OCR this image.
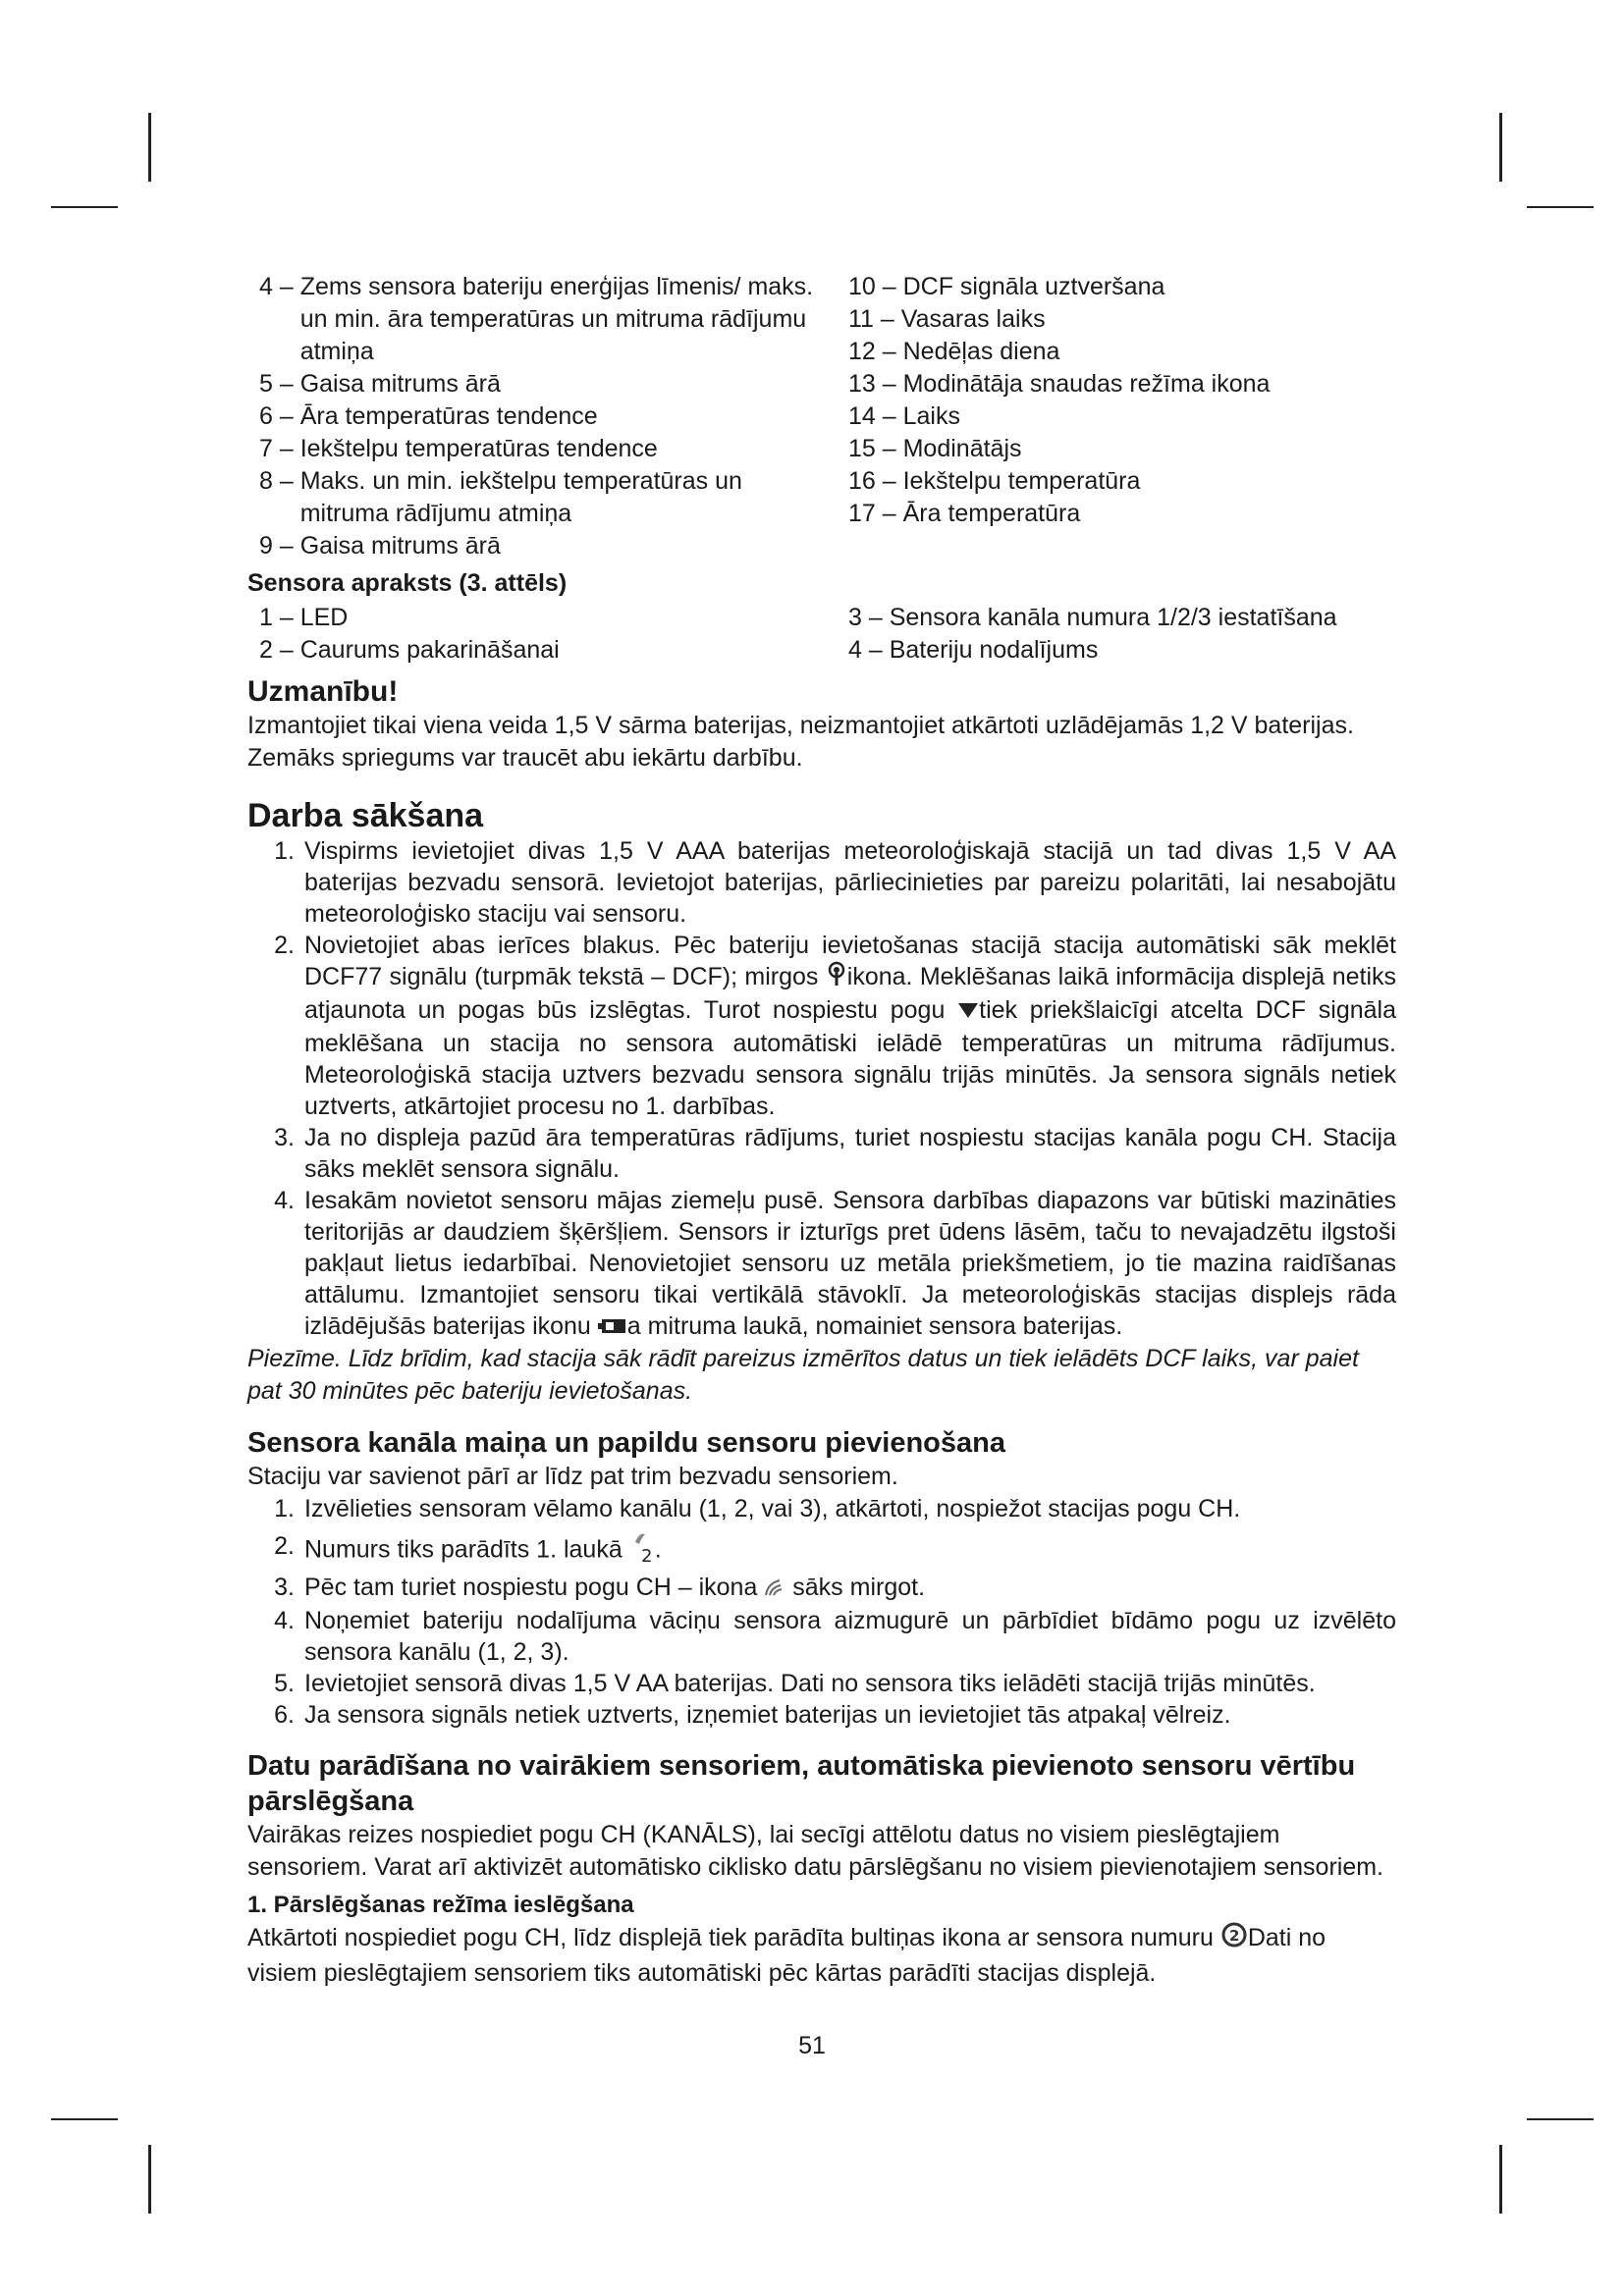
4 – Zems sensora bateriju enerģijas līmenis/ maks. un min. āra temperatūras un mitruma rādījumu atmiņa
5 – Gaisa mitrums ārā
6 – Āra temperatūras tendence
7 – Iekštelpu temperatūras tendence
8 – Maks. un min. iekštelpu temperatūras un mitruma rādījumu atmiņa
9 – Gaisa mitrums ārā
10 – DCF signāla uztveršana
11 – Vasaras laiks
12 – Nedēļas diena
13 – Modinātāja snaudas režīma ikona
14 – Laiks
15 – Modinātājs
16 – Iekštelpu temperatūra
17 – Āra temperatūra
Sensora apraksts (3. attēls)
1 – LED
2 – Caurums pakarināšanai
3 – Sensora kanāla numura 1/2/3 iestatīšana
4 – Bateriju nodalījums
Uzmanību!

Izmantojiet tikai viena veida 1,5 V sārma baterijas, neizmantojiet atkārtoti uzlādējamās 1,2 V baterijas. Zemāks spriegums var traucēt abu iekārtu darbību.

Darba sākšana
1. Vispirms ievietojiet divas 1,5 V AAA baterijas meteoroloģiskajā stacijā un tad divas 1,5 V AA baterijas bezvadu sensorā. Ievietojot baterijas, pārliecinieties par pareizu polaritāti, lai nesabojātu meteoroloģisko staciju vai sensoru.
2. Novietojiet abas ierīces blakus. Pēc bateriju ievietošanas stacijā stacija automātiski sāk meklēt DCF77 signālu (turpmāk tekstā – DCF); mirgos ikona. Meklēšanas laikā informācija displejā netiks atjaunota un pogas būs izslēgtas. Turot nospiestu pogu tiek priekšlaicīgi atcelta DCF signāla meklēšana un stacija no sensora automātiski ielādē temperatūras un mitruma rādījumus. Meteoroloģiskā stacija uztvers bezvadu sensora signālu trijās minūtēs. Ja sensora signāls netiek uztverts, atkārtojiet procesu no 1. darbības.
3. Ja no displeja pazūd āra temperatūras rādījums, turiet nospiestu stacijas kanāla pogu CH. Stacija sāks meklēt sensora signālu.
4. Iesakām novietot sensoru mājas ziemeļu pusē. Sensora darbības diapazons var būtiski mazināties teritorijās ar daudziem šķēršļiem. Sensors ir izturīgs pret ūdens lāsēm, taču to nevajadzētu ilgstoši pakļaut lietus iedarbībai. Nenovietojiet sensoru uz metāla priekšmetiem, jo tie mazina raidīšanas attālumu. Izmantojiet sensoru tikai vertikālā stāvoklī. Ja meteoroloģiskās stacijas displejs rāda izlādējušās baterijas ikonu a mitruma laukā, nomainiet sensora baterijas.
Piezīme. Līdz brīdim, kad stacija sāk rādīt pareizus izmērītos datus un tiek ielādēts DCF laiks, var paiet pat 30 minūtes pēc bateriju ievietošanas.
Sensora kanāla maiņa un papildu sensoru pievienošana

Staciju var savienot pārī ar līdz pat trim bezvadu sensoriem.

1. Izvēlieties sensoram vēlamo kanālu (1, 2, vai 3), atkārtoti, nospiežot stacijas pogu CH.
2. Numurs tiks parādīts 1. laukā 2 .
3. Pēc tam turiet nospiestu pogu CH – ikona  sāks mirgot.
4. Noņemiet bateriju nodalījuma vāciņu sensora aizmugurē un pārbīdiet bīdāmo pogu uz izvēlēto sensora kanālu (1, 2, 3).
5. Ievietojiet sensorā divas 1,5 V AA baterijas. Dati no sensora tiks ielādēti stacijā trijās minūtēs.
6. Ja sensora signāls netiek uztverts, izņemiet baterijas un ievietojiet tās atpakaļ vēlreiz.
Datu parādīšana no vairākiem sensoriem, automātiska pievienoto sensoru vērtību pārslēgšana

Vairākas reizes nospiediet pogu CH (KANĀLS), lai secīgi attēlotu datus no visiem pieslēgtajiem sensoriem. Varat arī aktivizēt automātisko ciklisko datu pārslēgšanu no visiem pievienotajiem sensoriem.

1. Pārslēgšanas režīma ieslēgšana

Atkārtoti nospiediet pogu CH, līdz displejā tiek parādīta bultiņas ikona ar sensora numuru 2 Dati no visiem pieslēgtajiem sensoriem tiks automātiski pēc kārtas parādīti stacijas displejā.

51
